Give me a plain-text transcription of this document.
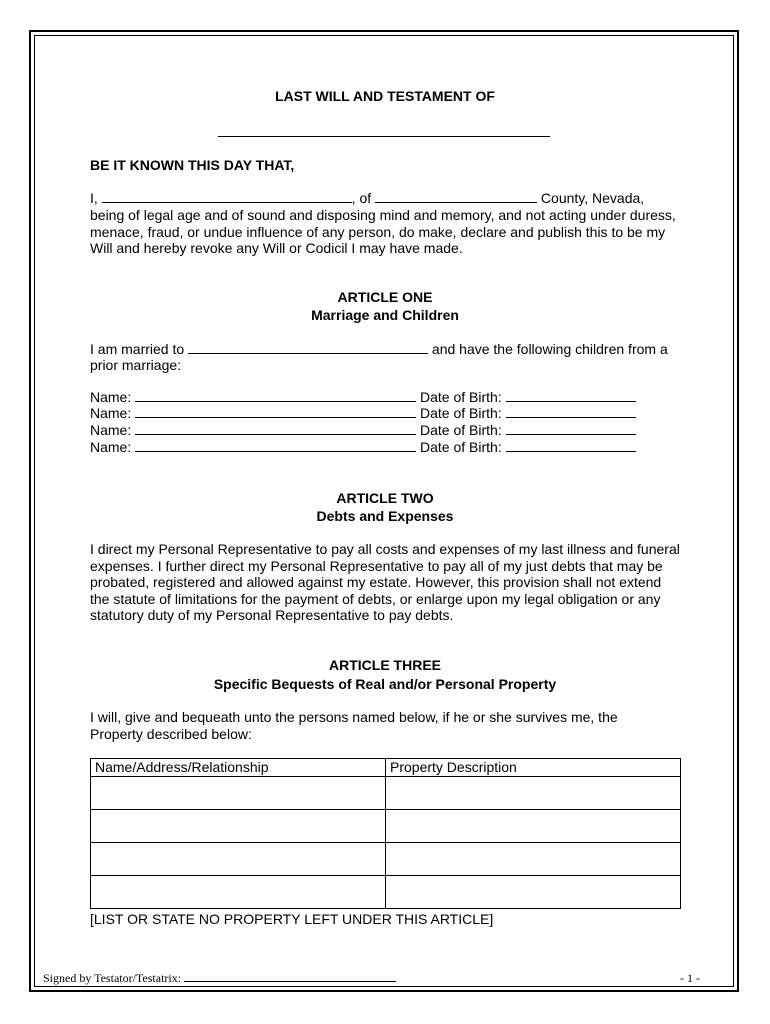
LAST WILL AND TESTAMENT OF
BE IT KNOWN THIS DAY THAT,
I,	, of	County, Nevada,
being of legal age and of sound and disposing mind and memory, and not acting under duress,
menace, fraud, or undue influence of any person, do make, declare and publish this to be my
Will and hereby revoke any Will or Codicil I may have made.
ARTICLE ONE
Marriage and Children
I am married to	and have the following children from a
prior marriage:
Name:	Date of Birth:
Name:	Date of Birth:
Name:	Date of Birth:
Name:	Date of Birth:
ARTICLE TWO
Debts and Expenses
I direct my Personal Representative to pay all costs and expenses of my last illness and funeral
expenses. I further direct my Personal Representative to pay all of my just debts that may be
probated, registered and allowed against my estate. However, this provision shall not extend
the statute of limitations for the payment of debts, or enlarge upon my legal obligation or any
statutory duty of my Personal Representative to pay debts.
ARTICLE THREE
Specific Bequests of Real and/or Personal Property
I will, give and bequeath unto the persons named below, if he or she survives me, the
Property described below:
Name/Address/Relationship	Property Description

[LIST OR STATE NO PROPERTY LEFT UNDER THIS ARTICLE]
Signed by Testator/Testatrix:	- 1 -
